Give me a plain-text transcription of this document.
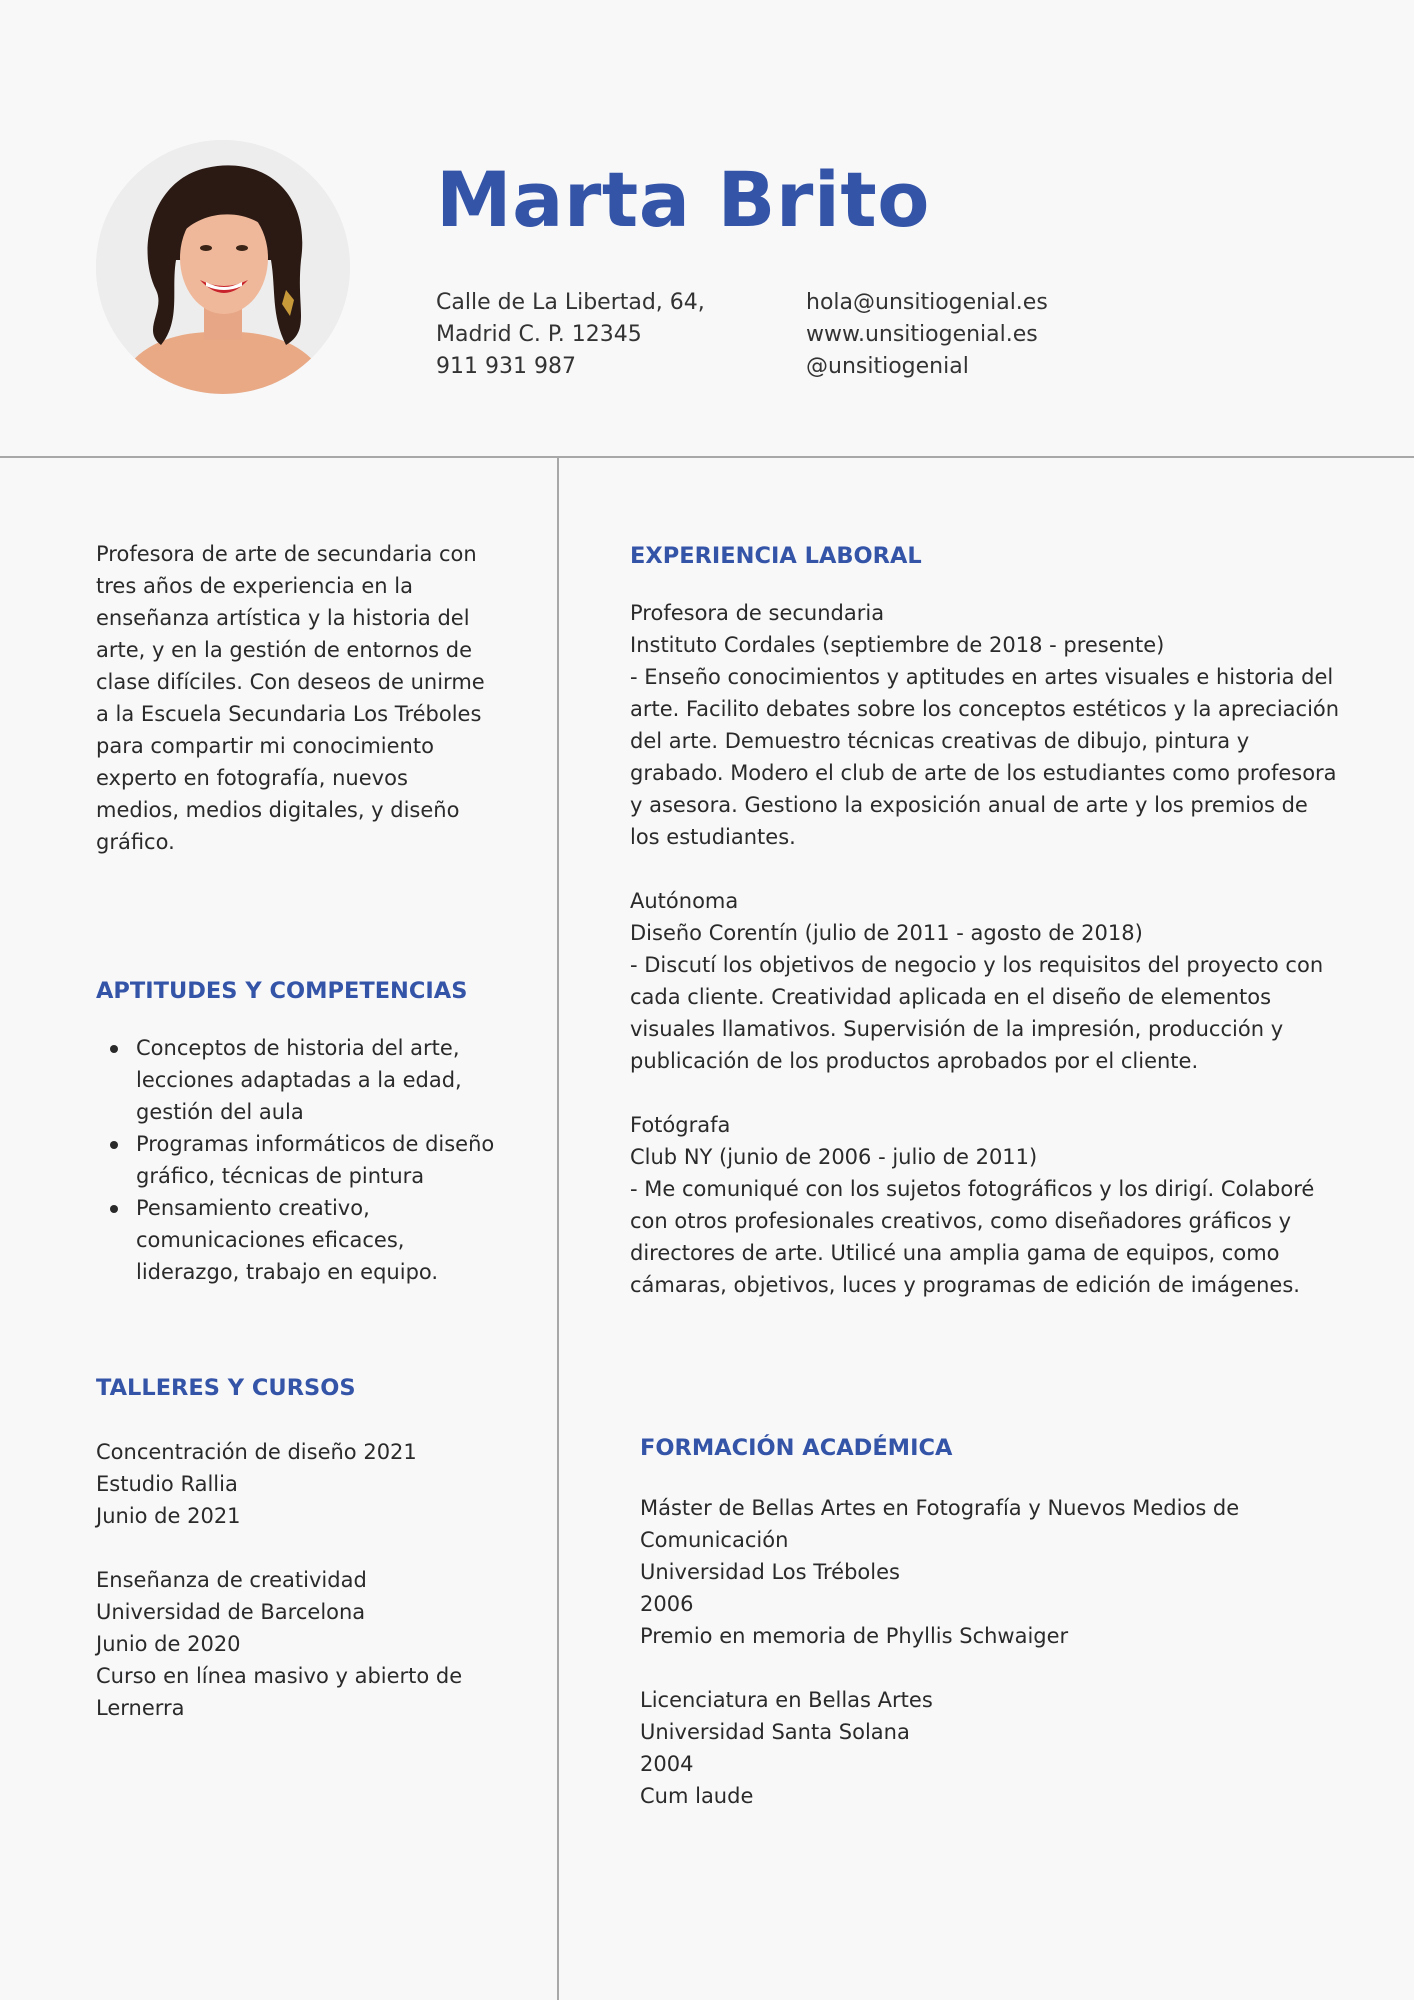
Marta Brito
Calle de La Libertad, 64,
Madrid C. P. 12345
911 931 987
hola@unsitiogenial.es
www.unsitiogenial.es
@unsitiogenial

Profesora de arte de secundaria con tres años de experiencia en la enseñanza artística y la historia del arte, y en la gestión de entornos de clase difíciles. Con deseos de unirme a la Escuela Secundaria Los Tréboles para compartir mi conocimiento experto en fotografía, nuevos medios, medios digitales, y diseño gráfico.

APTITUDES Y COMPETENCIAS
Conceptos de historia del arte, lecciones adaptadas a la edad, gestión del aula
Programas informáticos de diseño gráfico, técnicas de pintura
Pensamiento creativo, comunicaciones eficaces, liderazgo, trabajo en equipo.
TALLERES Y CURSOS

Concentración de diseño 2021

Estudio Rallia

Junio de 2021

Enseñanza de creatividad

Universidad de Barcelona

Junio de 2020

Curso en línea masivo y abierto de Lernerra

EXPERIENCIA LABORAL

Profesora de secundaria

Instituto Cordales (septiembre de 2018 - presente)

- Enseño conocimientos y aptitudes en artes visuales e historia del arte. Facilito debates sobre los conceptos estéticos y la apreciación del arte. Demuestro técnicas creativas de dibujo, pintura y grabado. Modero el club de arte de los estudiantes como profesora y asesora. Gestiono la exposición anual de arte y los premios de los estudiantes.

Autónoma

Diseño Corentín (julio de 2011 - agosto de 2018)

- Discutí los objetivos de negocio y los requisitos del proyecto con cada cliente. Creatividad aplicada en el diseño de elementos visuales llamativos. Supervisión de la impresión, producción y publicación de los productos aprobados por el cliente.

Fotógrafa

Club NY (junio de 2006 - julio de 2011)

- Me comuniqué con los sujetos fotográficos y los dirigí. Colaboré con otros profesionales creativos, como diseñadores gráficos y directores de arte. Utilicé una amplia gama de equipos, como cámaras, objetivos, luces y programas de edición de imágenes.

FORMACIÓN ACADÉMICA

Máster de Bellas Artes en Fotografía y Nuevos Medios de Comunicación

Universidad Los Tréboles

2006

Premio en memoria de Phyllis Schwaiger

Licenciatura en Bellas Artes

Universidad Santa Solana

2004

Cum laude
